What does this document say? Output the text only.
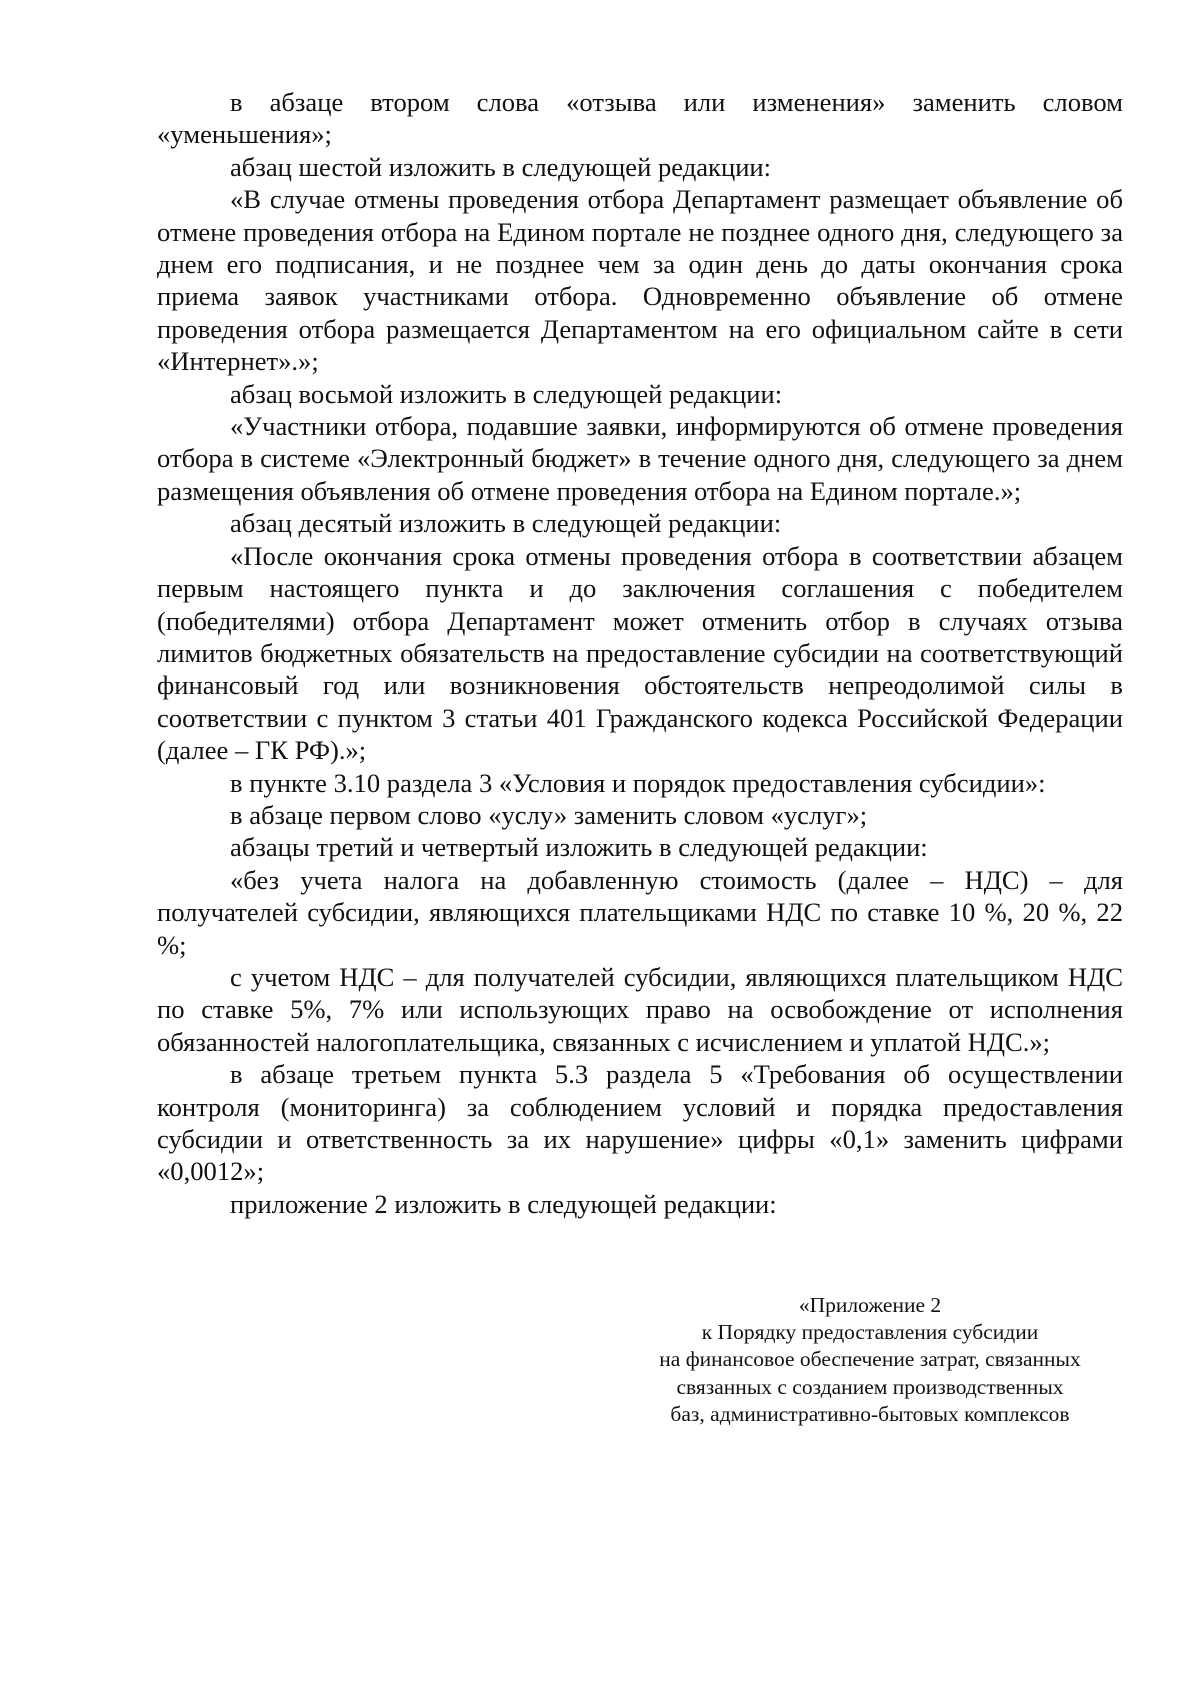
в абзаце втором слова «отзыва или изменения» заменить словом «уменьшения»;

абзац шестой изложить в следующей редакции:

«В случае отмены проведения отбора Департамент размещает объявление об отмене проведения отбора на Едином портале не позднее одного дня, следующего за днем его подписания, и не позднее чем за один день до даты окончания срока приема заявок участниками отбора. Одновременно объявление об отмене проведения отбора размещается Департаментом на его официальном сайте в сети «Интернет».»;

абзац восьмой изложить в следующей редакции:

«Участники отбора, подавшие заявки, информируются об отмене проведения отбора в системе «Электронный бюджет» в течение одного дня, следующего за днем размещения объявления об отмене проведения отбора на Едином портале.»;

абзац десятый изложить в следующей редакции:

«После окончания срока отмены проведения отбора в соответствии абзацем первым настоящего пункта и до заключения соглашения с победителем (победителями) отбора Департамент может отменить отбор в случаях отзыва лимитов бюджетных обязательств на предоставление субсидии на соответствующий финансовый год или возникновения обстоятельств непреодолимой силы в соответствии с пунктом 3 статьи 401 Гражданского кодекса Российской Федерации (далее – ГК РФ).»;

в пункте 3.10 раздела 3 «Условия и порядок предоставления субсидии»:

в абзаце первом слово «услу» заменить словом «услуг»;

абзацы третий и четвертый изложить в следующей редакции:

«без учета налога на добавленную стоимость (далее – НДС) – для получателей субсидии, являющихся плательщиками НДС по ставке 10 %, 20 %, 22 %;

с учетом НДС – для получателей субсидии, являющихся плательщиком НДС по ставке 5%, 7% или использующих право на освобождение от исполнения обязанностей налогоплательщика, связанных с исчислением и уплатой НДС.»;

в абзаце третьем пункта 5.3 раздела 5 «Требования об осуществлении контроля (мониторинга) за соблюдением условий и порядка предоставления субсидии и ответственность за их нарушение» цифры «0,1» заменить цифрами «0,0012»;

приложение 2 изложить в следующей редакции:

«Приложение 2
к Порядку предоставления субсидии
на финансовое обеспечение затрат, связанных
связанных с созданием производственных
баз, административно-бытовых комплексов
